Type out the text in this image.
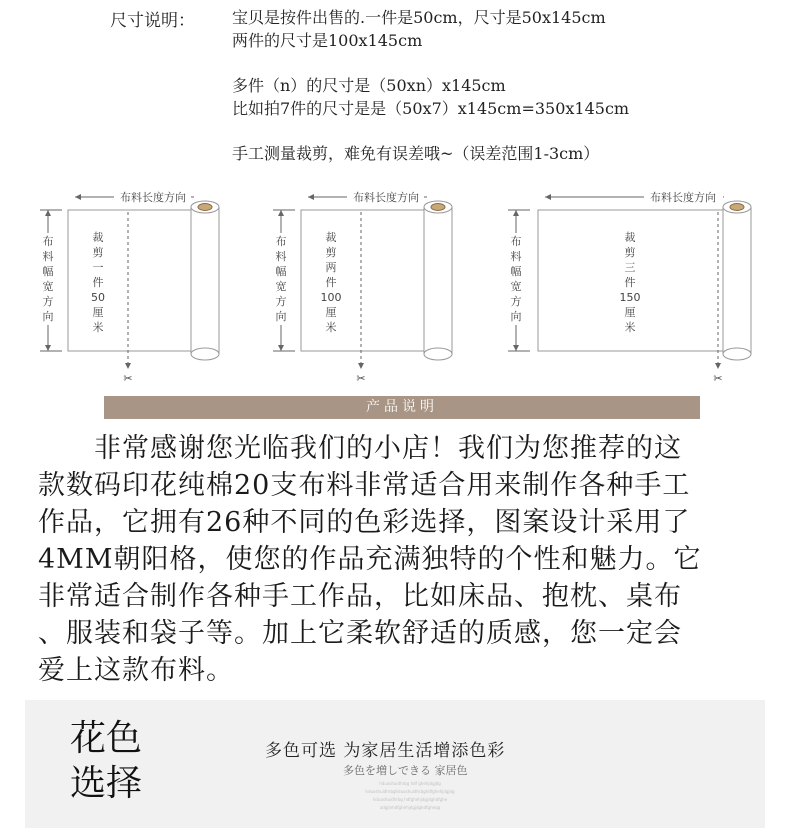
尺寸说明： 宝贝是按件出售的.一件是50cm，尺寸是50x145cm
两件的尺寸是100x145cm
多件（n）的尺寸是（50xn）x145cm
比如拍7件的尺寸是是（50x7）x145cm=350x145cm
手工测量裁剪，难免有误差哦~（误差范围1-3cm）
布料长度方向
布
料
幅
宽
方
向
✂
裁
剪
一
件
50
厘
米
布料长度方向
布
料
幅
宽
方
向
✂
裁
剪
两
件
100
厘
米
布料长度方向
布
料
幅
宽
方
向
✂
裁
剪
三
件
150
厘
米
产品说明
　　非常感谢您光临我们的小店！我们为您推荐的这
款数码印花纯棉20支布料非常适合用来制作各种手工
作品，它拥有26种不同的色彩选择，图案设计采用了
4MM朝阳格，使您的作品充满独特的个性和魅力。它
非常适合制作各种手工作品，比如床品、抱枕、桌布
、服装和袋子等。加上它柔软舒适的质感，您一定会
爱上这款布料。
花色
选择
多色可选 为家居生活增添色彩
多色を増しできる 家居色
hduoshuidhrbg hdf ghehjdgjdg
hduoshuidhrbghduoshuidhrbghdfghehjdgjdg
hduoshuidhrbg hdfghehjdgjdghdfghe
adgjlnhdfghehjdgjdghdfgheqq
